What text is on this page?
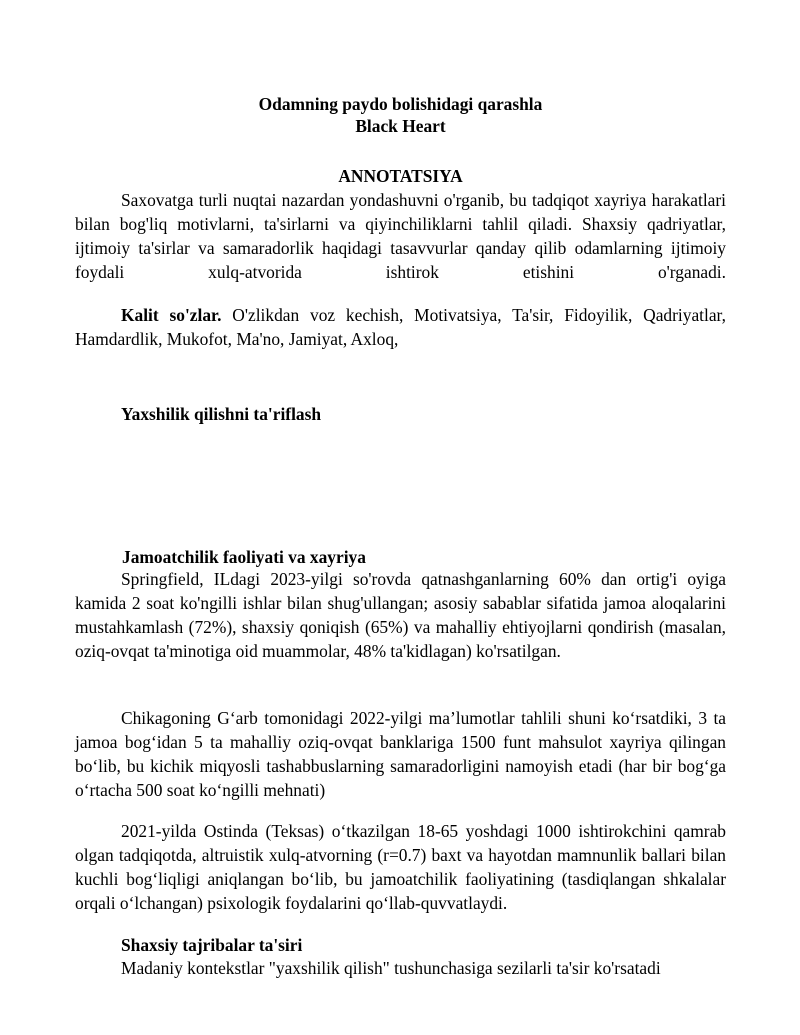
Odamning paydo bolishidagi qarashla
Black Heart
ANNOTATSIYA

Saxovatga turli nuqtai nazardan yondashuvni o'rganib, bu tadqiqot xayriya harakatlari bilan bog'liq motivlarni, ta'sirlarni va qiyinchiliklarni tahlil qiladi. Shaxsiy qadriyatlar, ijtimoiy ta'sirlar va samaradorlik haqidagi tasavvurlar qanday qilib odamlarning ijtimoiy foydali xulq-atvorida ishtirok etishini o'rganadi.

Kalit so'zlar. O'zlikdan voz kechish, Motivatsiya, Ta'sir, Fidoyilik, Qadriyatlar, Hamdardlik, Mukofot, Ma'no, Jamiyat, Axloq,

Yaxshilik qilishni ta'riflash

Jamoatchilik faoliyati va xayriya

Springfield, ILdagi 2023-yilgi so'rovda qatnashganlarning 60% dan ortig'i oyiga kamida 2 soat ko'ngilli ishlar bilan shug'ullangan; asosiy sabablar sifatida jamoa aloqalarini mustahkamlash (72%), shaxsiy qoniqish (65%) va mahalliy ehtiyojlarni qondirish (masalan, oziq-ovqat ta'minotiga oid muammolar, 48% ta'kidlagan) ko'rsatilgan.

Chikagoning G‘arb tomonidagi 2022-yilgi ma’lumotlar tahlili shuni ko‘rsatdiki, 3 ta jamoa bog‘idan 5 ta mahalliy oziq-ovqat banklariga 1500 funt mahsulot xayriya qilingan bo‘lib, bu kichik miqyosli tashabbuslarning samaradorligini namoyish etadi (har bir bog‘ga o‘rtacha 500 soat ko‘ngilli mehnati)

2021-yilda Ostinda (Teksas) o‘tkazilgan 18-65 yoshdagi 1000 ishtirokchini qamrab olgan tadqiqotda, altruistik xulq-atvorning (r=0.7) baxt va hayotdan mamnunlik ballari bilan kuchli bog‘liqligi aniqlangan bo‘lib, bu jamoatchilik faoliyatining (tasdiqlangan shkalalar orqali o‘lchangan) psixologik foydalarini qo‘llab-quvvatlaydi.

Shaxsiy tajribalar ta'siri

Madaniy kontekstlar "yaxshilik qilish" tushunchasiga sezilarli ta'sir ko'rsatadi
